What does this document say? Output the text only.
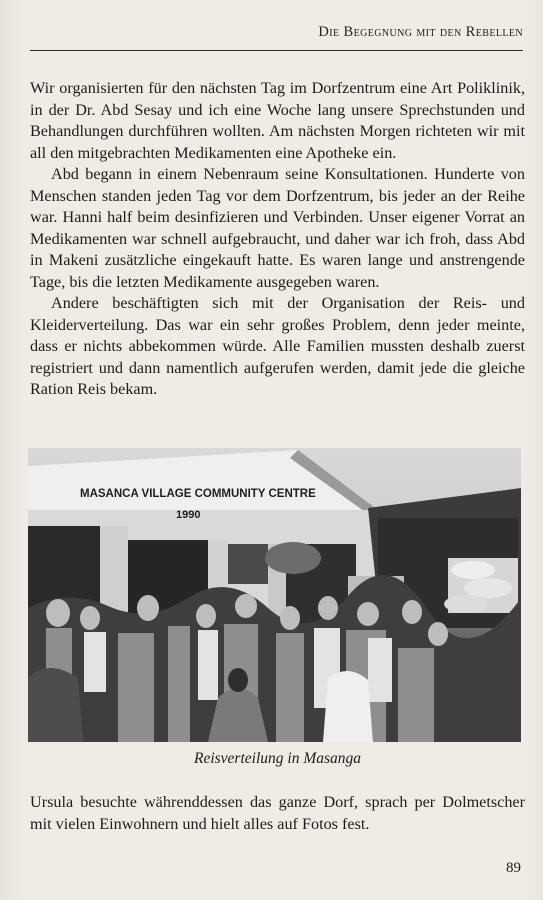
Die Begegnung mit den Rebellen

Wir organisierten für den nächsten Tag im Dorfzentrum eine Art Poliklinik, in der Dr. Abd Sesay und ich eine Woche lang unsere Sprechstunden und Behandlungen durchführen wollten. Am nächsten Morgen richteten wir mit all den mitgebrachten Medikamenten eine Apotheke ein.

Abd begann in einem Nebenraum seine Konsultationen. Hunderte von Menschen standen jeden Tag vor dem Dorfzentrum, bis jeder an der Reihe war. Hanni half beim desinfizieren und Verbinden. Unser eigener Vorrat an Medikamenten war schnell aufgebraucht, und daher war ich froh, dass Abd in Makeni zusätzliche eingekauft hatte. Es waren lange und anstrengende Tage, bis die letzten Medikamente ausgegeben waren.

Andere beschäftigten sich mit der Organisation der Reis- und Kleiderverteilung. Das war ein sehr großes Problem, denn jeder meinte, dass er nichts abbekommen würde. Alle Familien mussten deshalb zuerst registriert und dann namentlich aufgerufen werden, damit jede die gleiche Ration Reis bekam.

MASANCA VILLAGE COMMUNITY CENTRE
1990
Reisverteilung in Masanga

Ursula besuchte währenddessen das ganze Dorf, sprach per Dolmetscher mit vielen Einwohnern und hielt alles auf Fotos fest.

89
